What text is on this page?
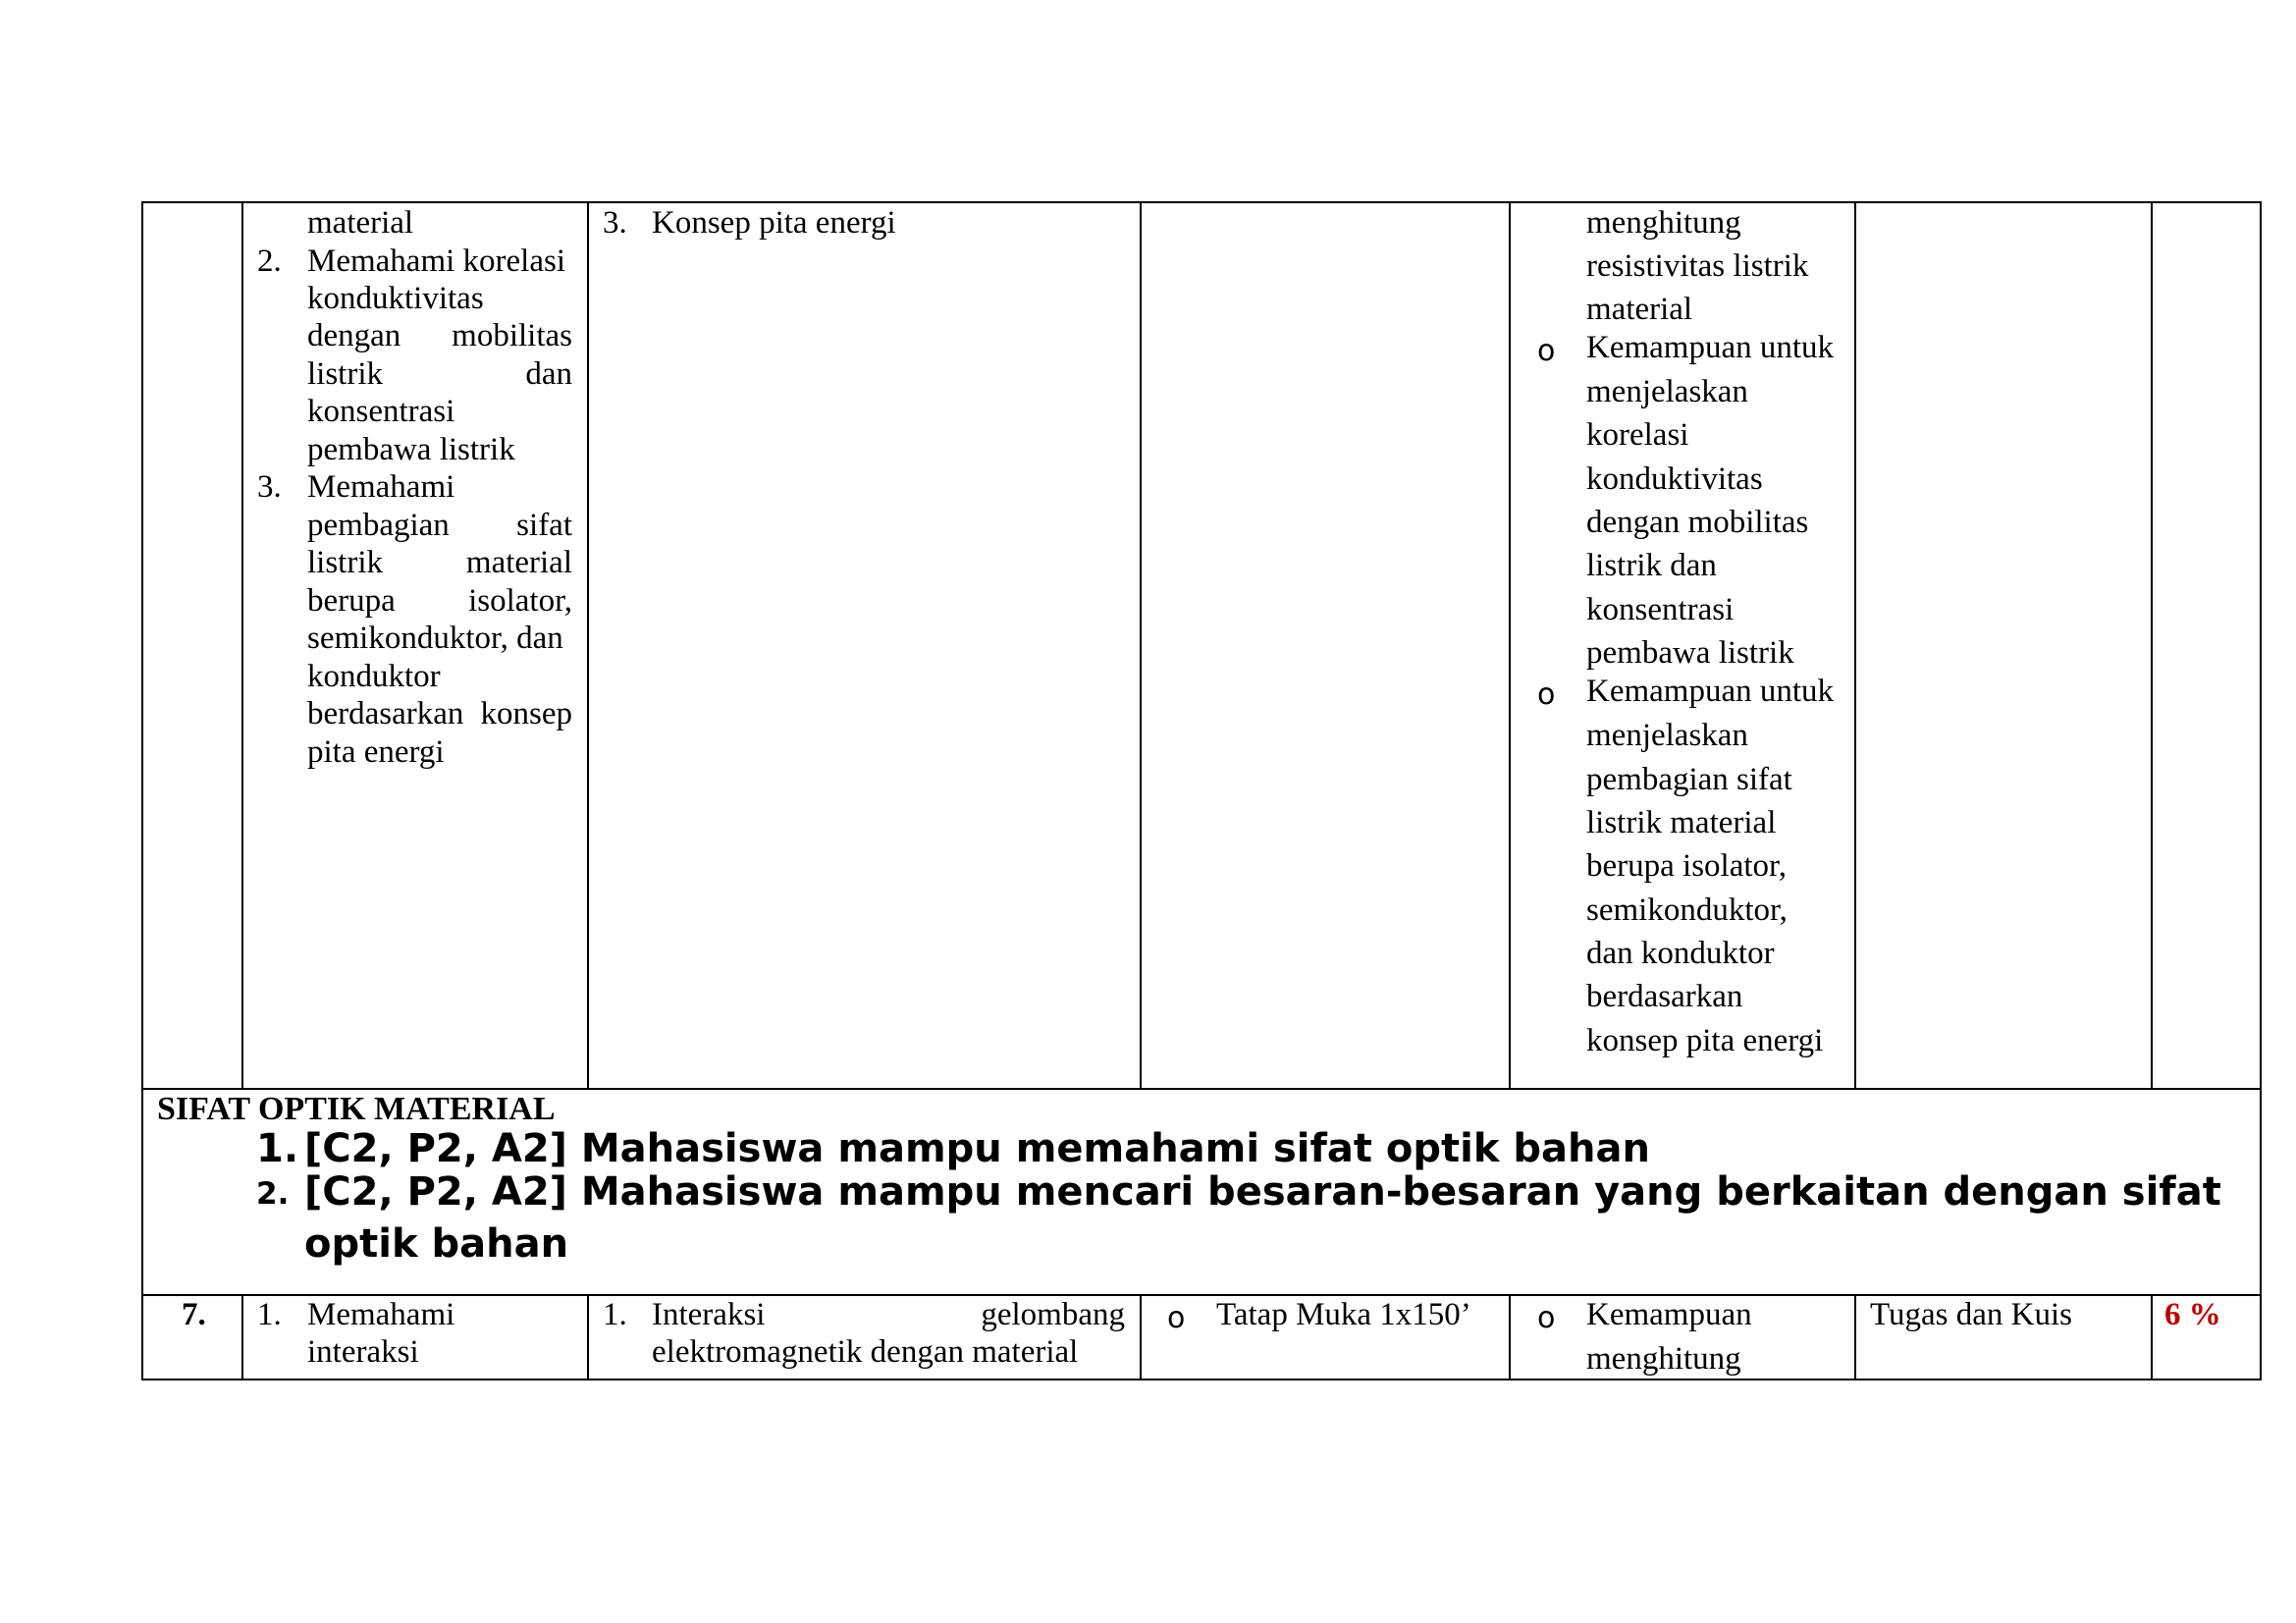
material
2. Memahami korelasi
konduktivitas
dengan mobilitas
listrik dan
konsentrasi
pembawa listrik
3. Memahami
pembagian sifat
listrik material
berupa isolator,
semikonduktor, dan
konduktor
berdasarkan konsep
pita energi
3. Konsep pita energi	menghitung
resistivitas listrik
material
o Kemampuan untuk
menjelaskan
korelasi
konduktivitas
dengan mobilitas
listrik dan
konsentrasi
pembawa listrik
o Kemampuan untuk
menjelaskan
pembagian sifat
listrik material
berupa isolator,
semikonduktor,
dan konduktor
berdasarkan
konsep pita energi
SIFAT OPTIK MATERIAL
1. [C2, P2, A2] Mahasiswa mampu memahami sifat optik bahan
2. [C2, P2, A2] Mahasiswa mampu mencari besaran-besaran yang berkaitan dengan sifat
optik bahan
7. 1. Memahami
interaksi
1. Interaksi gelombang
elektromagnetik dengan material
o Tatap Muka 1x150’ o Kemampuan
menghitung
Tugas dan Kuis	6 %
